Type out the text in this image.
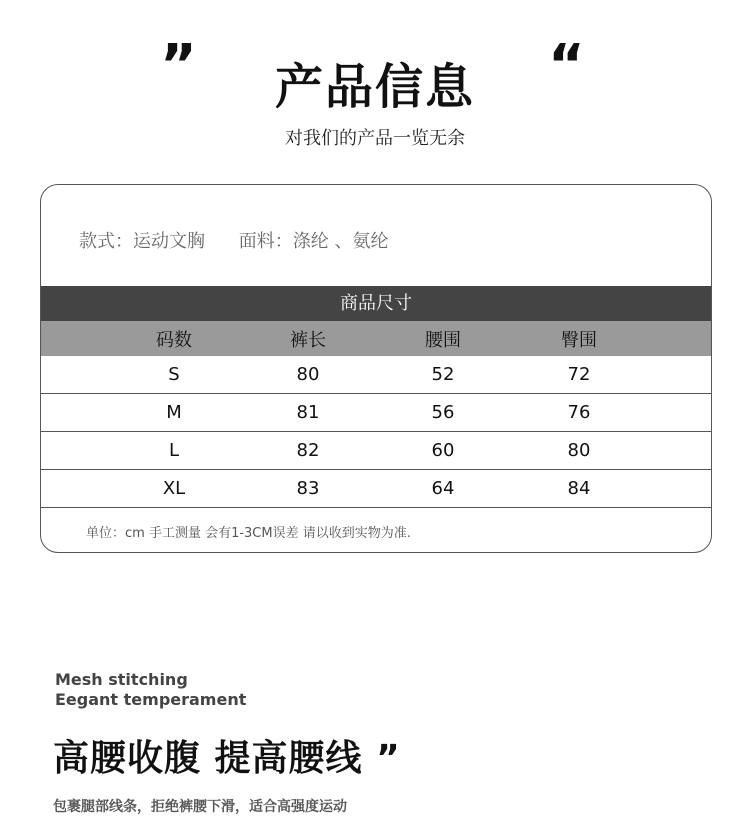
”	产品信息	“
对我们的产品一览无余
款式：运动文胸 面料：涤纶 、氨纶
商品尺寸
码数	裤长	腰围	臀围
S	80	52	72
M	81	56	76
L	82	60	80
XL	83	64	84
单位：cm 手工测量 会有1-3CM误差 请以收到实物为准.
Mesh stitching
Eegant temperament
高腰收腹 提高腰线 ”
包裹腿部线条，拒绝裤腰下滑，适合高强度运动
